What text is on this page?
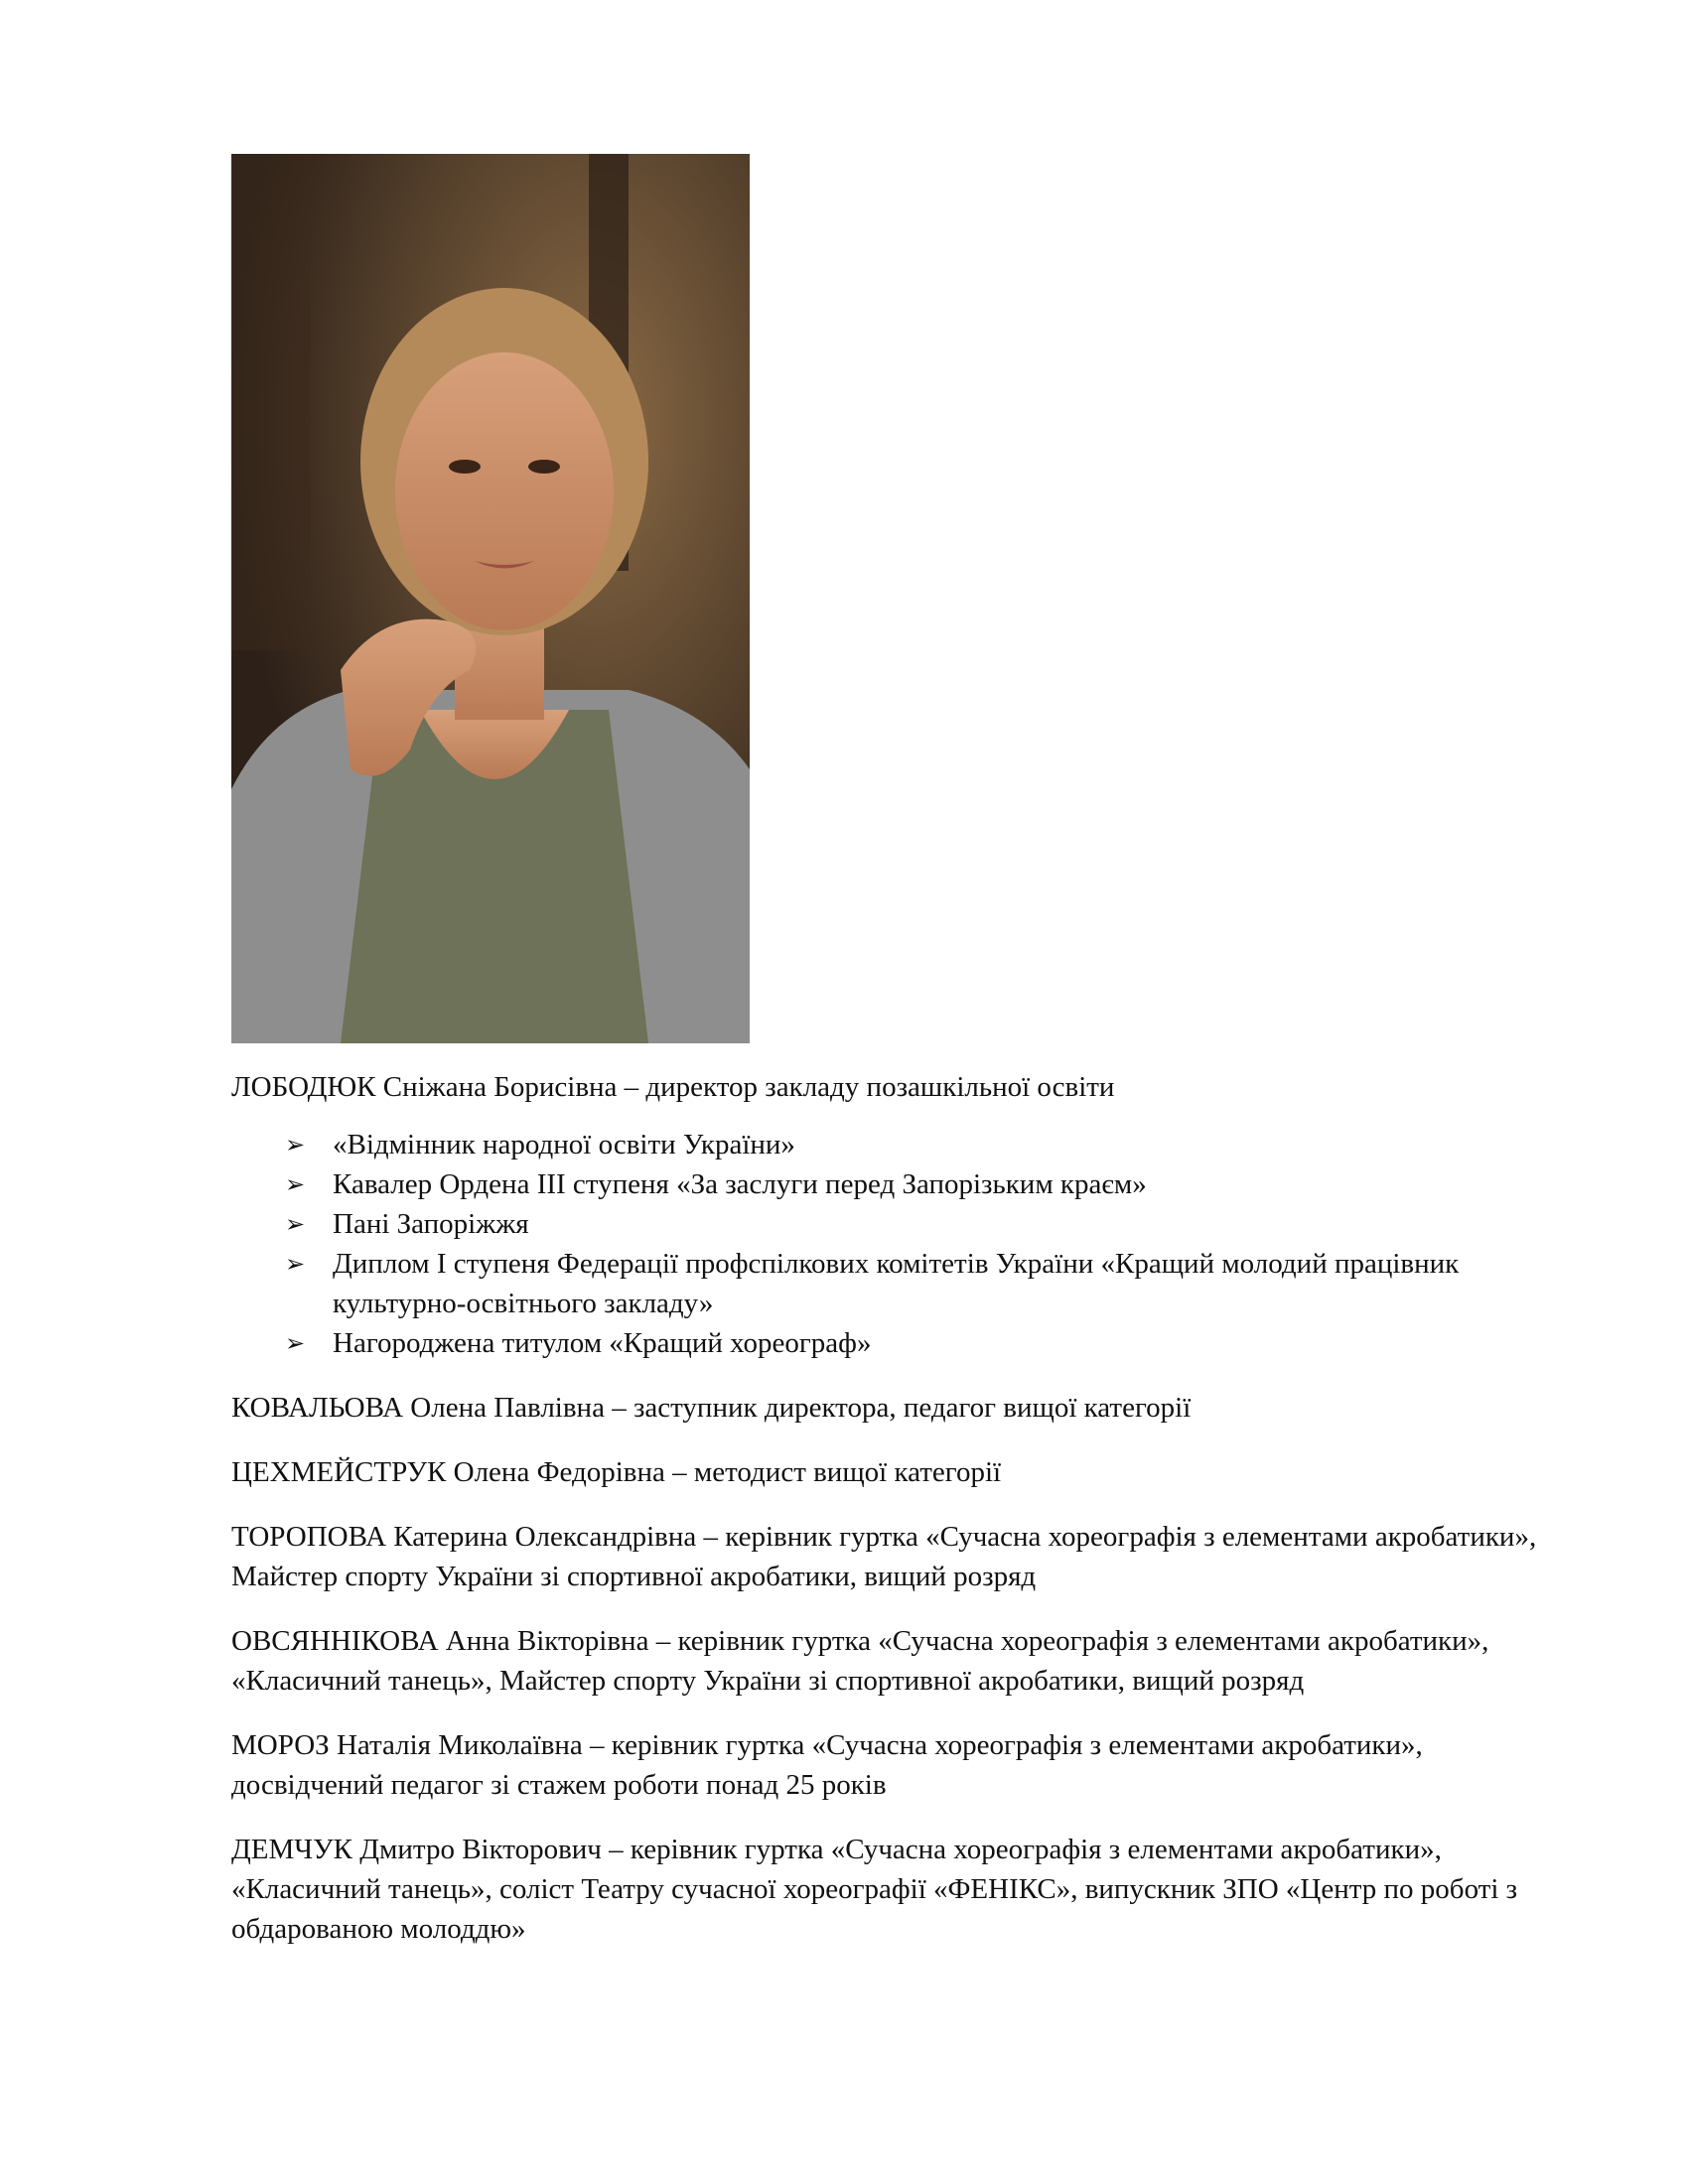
ЛОБОДЮК Сніжана Борисівна – директор закладу позашкільної освіти

➢ «Відмінник народної освіти України»
➢ Кавалер Ордена ІІІ ступеня «За заслуги перед Запорізьким краєм»
➢ Пані Запоріжжя
➢ Диплом І ступеня Федерації профспілкових комітетів України «Кращий молодий працівник культурно-освітнього закладу»
➢ Нагороджена титулом «Кращий хореограф»

КОВАЛЬОВА Олена Павлівна – заступник директора, педагог вищої категорії

ЦЕХМЕЙСТРУК Олена Федорівна – методист вищої категорії

ТОРОПОВА Катерина Олександрівна – керівник гуртка «Сучасна хореографія з елементами акробатики», Майстер спорту України зі спортивної акробатики, вищий розряд

ОВСЯННІКОВА Анна Вікторівна – керівник гуртка «Сучасна хореографія з елементами акробатики», «Класичний танець», Майстер спорту України зі спортивної акробатики, вищий розряд

МОРОЗ Наталія Миколаївна – керівник гуртка «Сучасна хореографія з елементами акробатики», досвідчений педагог зі стажем роботи понад 25 років

ДЕМЧУК Дмитро Вікторович – керівник гуртка «Сучасна хореографія з елементами акробатики», «Класичний танець», соліст Театру сучасної хореографії «ФЕНІКС», випускник ЗПО «Центр по роботі з обдарованою молоддю»
